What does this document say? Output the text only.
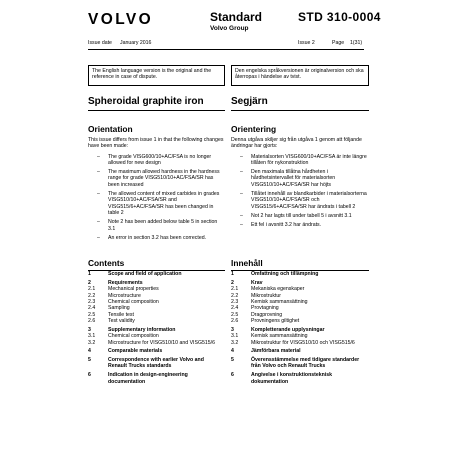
VOLVO	Standard
Volvo Group
STD 310-0004
Issue date January 2016	Issue 2	Page 1(31)
The English language version is the original and the reference in case of dispute.
Den engelska språkversionen är originalversion och ska återropas i händelse av tvist.
Spheroidal graphite iron	Segjärn
Orientation
This issue differs from issue 1 in that the following changes have been made:
– The grade VISG600/10+AC/FSA is no longer allowed for new design
– The maximum allowed hardness in the hardness range for grade VISG510/10+AC/FSA/SR has been increased
– The allowed content of mixed carbides in grades VISG510/10+AC/FSA/SR and VISG515/6+AC/FSA/SR has been changed in table 2
– Note 2 has been added below table 5 in section 3.1
– An error in section 3.2 has been corrected.
Orientering
Denna utgåva skiljer sig från utgåva 1 genom att följande ändringar har gjorts:
– Materialsorten VISG600/10+AC/FSA är inte längre tillåten för nykonstruktion
– Den maximala tillåtna hårdheten i hårdhetsintervallet för materialsorten VISG510/10+AC/FSA/SR har höjts
– Tillåtet innehåll av blandkarbider i materialsorterna VISG510/10+AC/FSA/SR och VISG515/6+AC/FSA/SR har ändrats i tabell 2
– Not 2 har lagts till under tabell 5 i avsnitt 3.1
– Ett fel i avsnitt 3.2 har ändrats.
Contents	Innehåll
1	Scope and field of application
2	Requirements
2.1 Mechanical properties
2.2 Microstructure
2.3 Chemical composition
2.4 Sampling
2.5 Tensile test
2.6 Test validity
3	Supplementary information
3.1 Chemical composition
3.2 Microstructure for VISG510/10 and VISG515/6
4	Comparable materials
5	Correspondence with earlier Volvo and Renault Trucks standards
6	Indication in design-engineering documentation
1	Omfattning och tillämpning
2	Krav
2.1 Mekaniska egenskaper
2.2 Mikrostruktur
2.3 Kemisk sammansättning
2.4 Provtagning
2.5 Dragprovning
2.6 Provningens giltighet
3	Kompletterande upplysningar
3.1 Kemisk sammansättning
3.2 Mikrostruktur för VISG510/10 och VISG515/6
4	Jämförbara material
5	Överensstämmelse med tidigare standarder från Volvo och Renault Trucks
6	Angivelse i konstruktionsteknisk dokumentation
